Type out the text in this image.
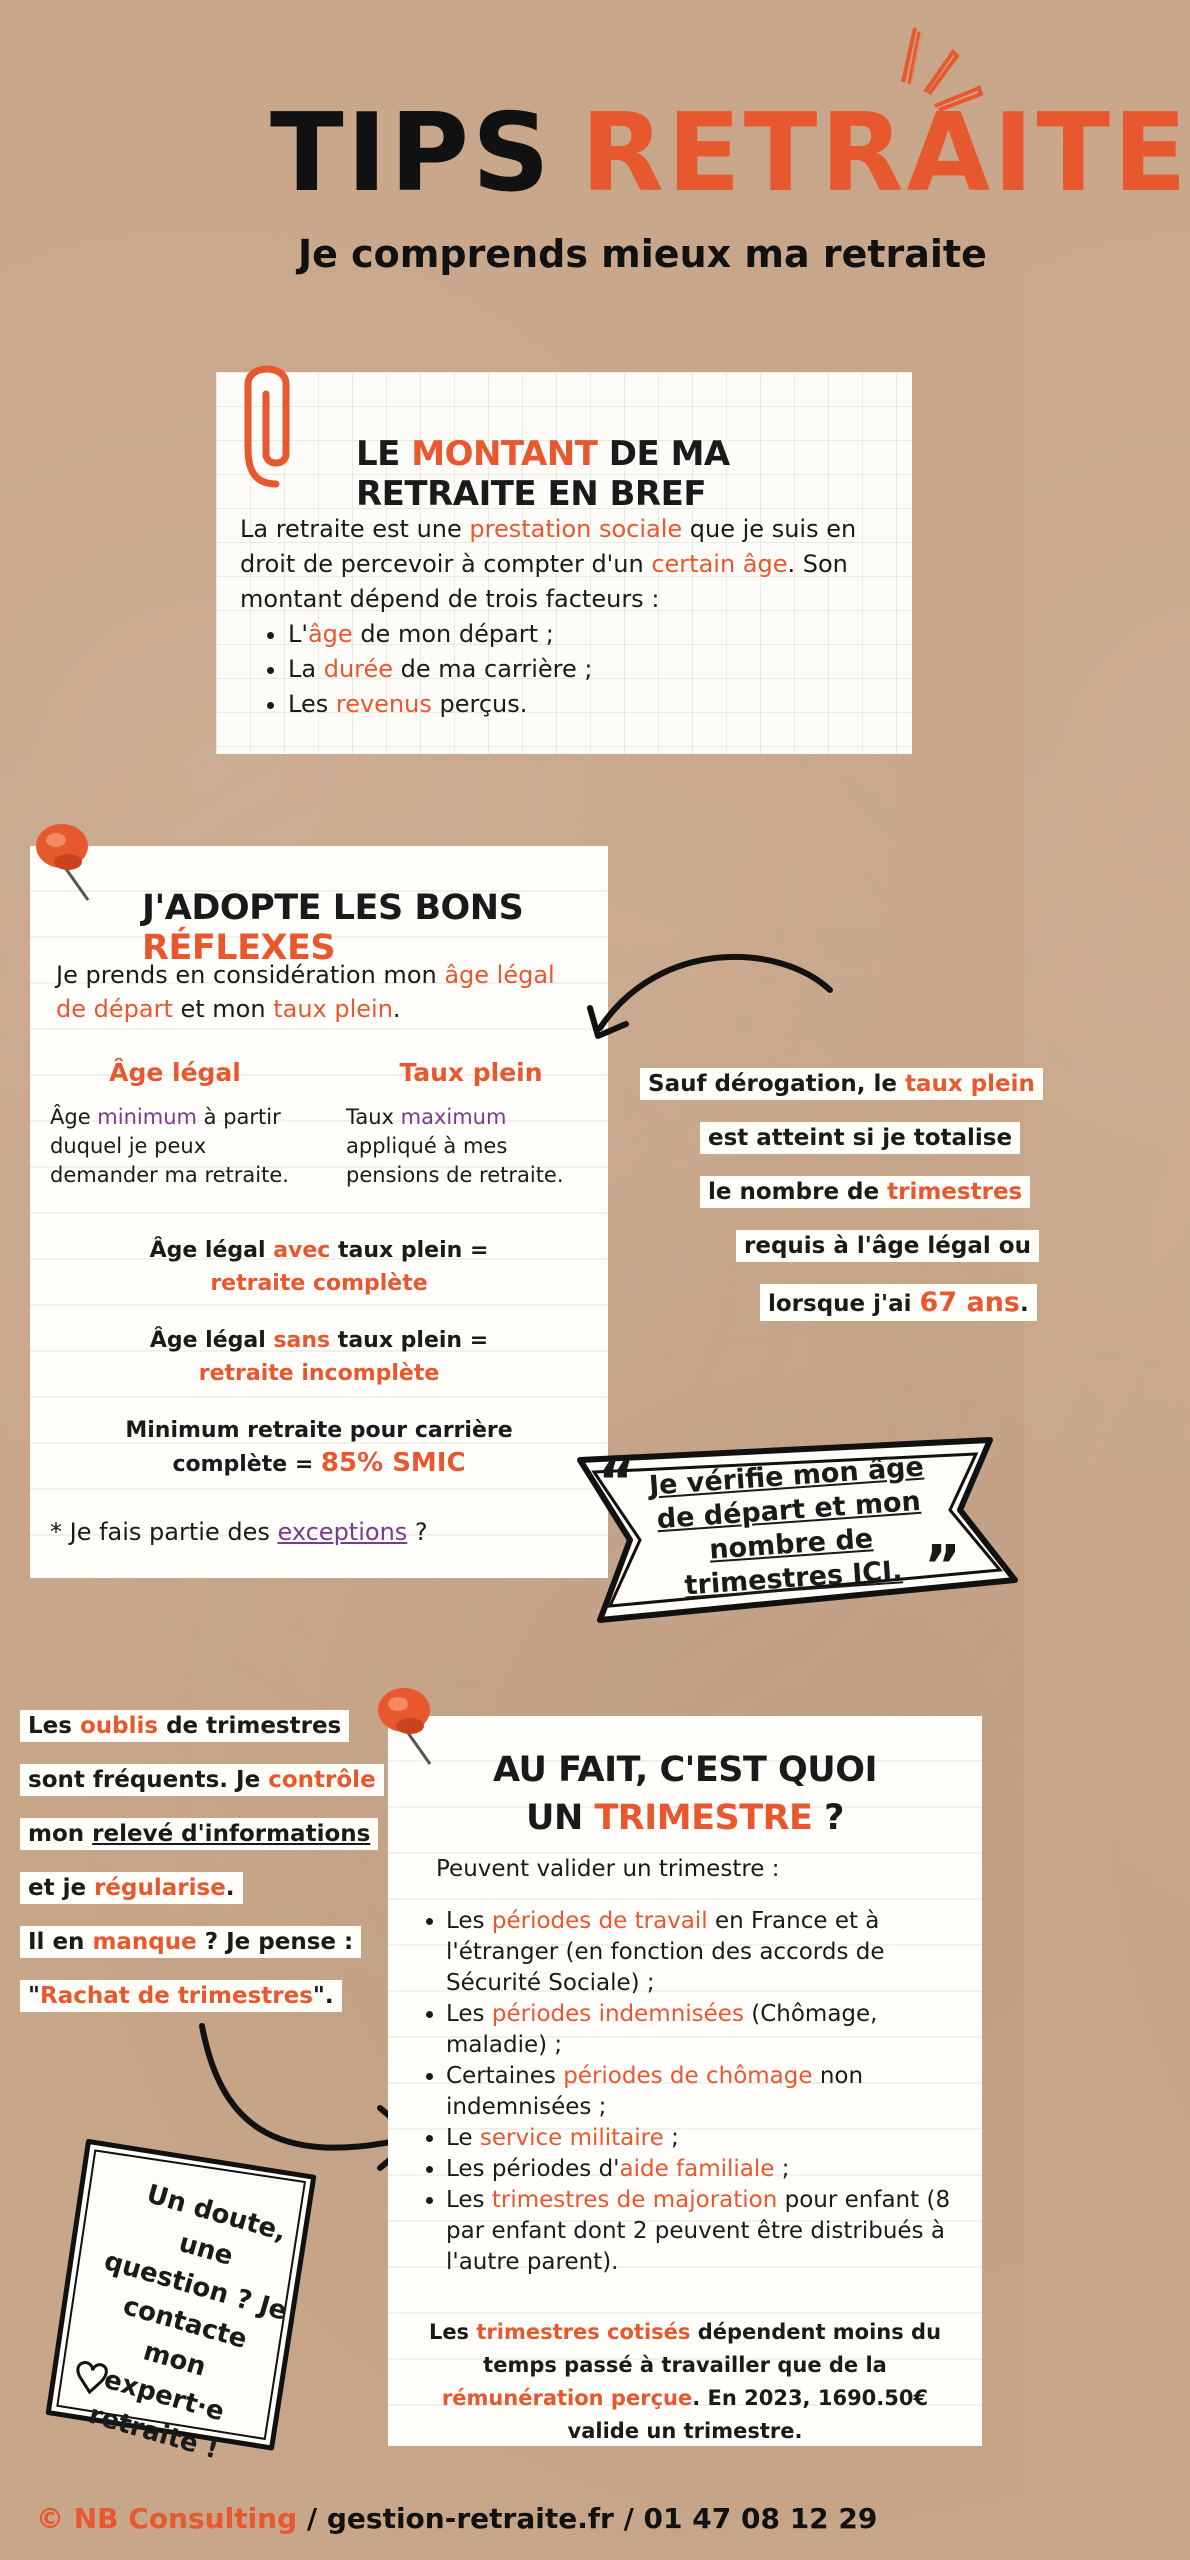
TIPS RETRAITE
Je comprends mieux ma retraite
LE MONTANT DE MA RETRAITE EN BREF
La retraite est une prestation sociale que je suis en droit de percevoir à compter d'un certain âge. Son montant dépend de trois facteurs :
• L'âge de mon départ ;
• La durée de ma carrière ;
• Les revenus perçus.
J'ADOPTE LES BONS RÉFLEXES
Je prends en considération mon âge légal de départ et mon taux plein.
Âge légal
Âge minimum à partir duquel je peux demander ma retraite.
Taux plein
Taux maximum appliqué à mes pensions de retraite.
Âge légal avec taux plein =
retraite complète
Âge légal sans taux plein =
retraite incomplète
Minimum retraite pour carrière
complète = 85% SMIC
* Je fais partie des exceptions ?
Sauf dérogation, le taux plein
est atteint si je totalise
le nombre de trimestres
requis à l'âge légal ou
lorsque j'ai 67 ans.
“ Je vérifie mon âge de départ et mon nombre de trimestres ICI. ”
Les oublis de trimestres
sont fréquents. Je contrôle
mon relevé d'informations
et je régularise.
Il en manque ? Je pense :
"Rachat de trimestres".
AU FAIT, C'EST QUOI
UN TRIMESTRE ?
Peuvent valider un trimestre :
• Les périodes de travail en France et à l'étranger (en fonction des accords de Sécurité Sociale) ;
• Les périodes indemnisées (Chômage, maladie) ;
• Certaines périodes de chômage non indemnisées ;
• Le service militaire ;
• Les périodes d'aide familiale ;
• Les trimestres de majoration pour enfant (8 par enfant dont 2 peuvent être distribués à l'autre parent).
Les trimestres cotisés dépendent moins du temps passé à travailler que de la rémunération perçue. En 2023, 1690.50€ valide un trimestre.
Un doute, une question ? Je contacte mon expert·e retraite !
© NB Consulting / gestion-retraite.fr / 01 47 08 12 29
